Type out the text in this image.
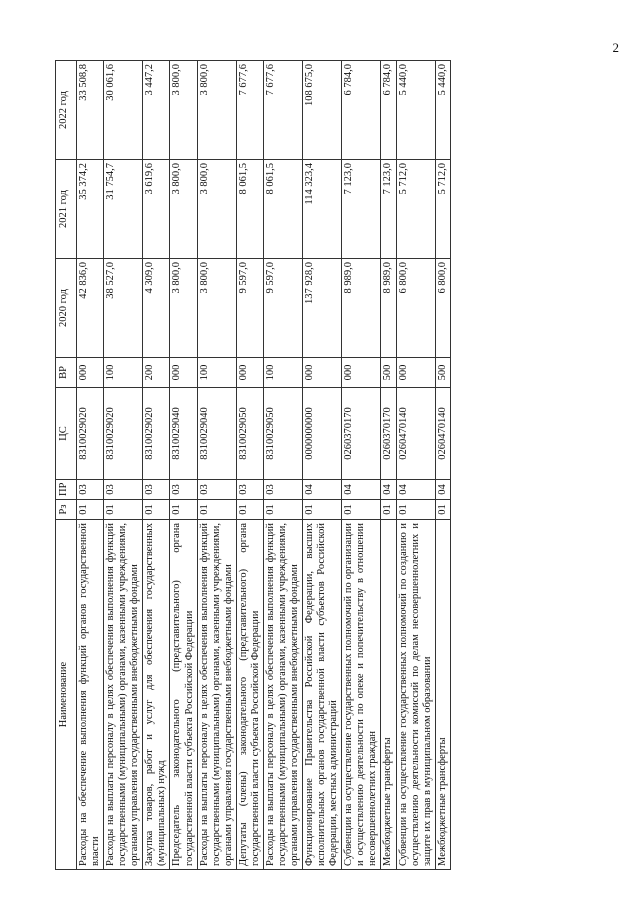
2
Наименование	Рз	ПР	ЦС	ВР	2020 год	2021 год	2022 год
Расходы на обеспечение выполнения функций органов государственной власти	01	03	8310029020	000	42 836,0	35 374,2	33 508,8
Расходы на выплаты персоналу в целях обеспечения выполнения функций государственными (муниципальными) органами, казенными учреждениями, органами управления государственными внебюджетными фондами	01	03	8310029020	100	38 527,0	31 754,7	30 061,6
Закупка товаров, работ и услуг для обеспечения государственных (муниципальных) нужд	01	03	8310029020	200	4 309,0	3 619,6	3 447,2
Председатель законодательного (представительного) органа государственной власти субъекта Российской Федерации	01	03	8310029040	000	3 800,0	3 800,0	3 800,0
Расходы на выплаты персоналу в целях обеспечения выполнения функций государственными (муниципальными) органами, казенными учреждениями, органами управления государственными внебюджетными фондами	01	03	8310029040	100	3 800,0	3 800,0	3 800,0
Депутаты (члены) законодательного (представительного) органа государственной власти субъекта Российской Федерации	01	03	8310029050	000	9 597,0	8 061,5	7 677,6
Расходы на выплаты персоналу в целях обеспечения выполнения функций государственными (муниципальными) органами, казенными учреждениями, органами управления государственными внебюджетными фондами	01	03	8310029050	100	9 597,0	8 061,5	7 677,6
Функционирование Правительства Российской Федерации, высших исполнительных органов государственной власти субъектов Российской Федерации, местных администраций	01	04	0000000000	000	137 928,0	114 323,4	108 675,0
Субвенции на осуществление государственных полномочий по организации и осуществлению деятельности по опеке и попечительству в отношении несовершеннолетних граждан	01	04	0260370170	000	8 989,0	7 123,0	6 784,0
Межбюджетные трансферты	01	04	0260370170	500	8 989,0	7 123,0	6 784,0
Субвенции на осуществление государственных полномочий по созданию и осуществлению деятельности комиссий по делам несовершеннолетних и защите их прав в муниципальном образовании	01	04	0260470140	000	6 800,0	5 712,0	5 440,0
Межбюджетные трансферты	01	04	0260470140	500	6 800,0	5 712,0	5 440,0
